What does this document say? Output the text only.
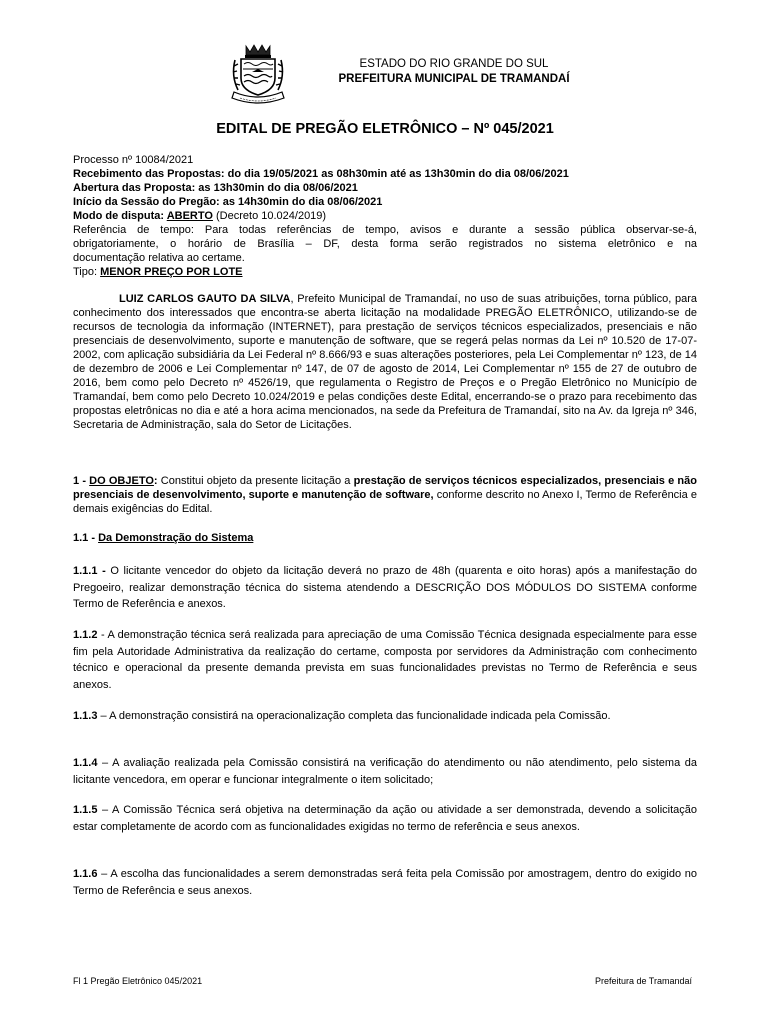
ESTADO DO RIO GRANDE DO SUL
PREFEITURA MUNICIPAL DE TRAMANDAÍ
EDITAL DE PREGÃO ELETRÔNICO – Nº 045/2021
Processo nº 10084/2021
Recebimento das Propostas: do dia 19/05/2021 as 08h30min até as 13h30min do dia 08/06/2021
Abertura das Proposta: as 13h30min do dia 08/06/2021
Início da Sessão do Pregão: as 14h30min do dia 08/06/2021
Modo de disputa: ABERTO (Decreto 10.024/2019)
Referência de tempo: Para todas referências de tempo, avisos e durante a sessão pública observar-se-á,
obrigatoriamente, o horário de Brasília – DF, desta forma serão registrados no sistema eletrônico e na
documentação relativa ao certame.
Tipo: MENOR PREÇO POR LOTE
LUIZ CARLOS GAUTO DA SILVA, Prefeito Municipal de Tramandaí, no uso de suas atribuições, torna público, para conhecimento dos interessados que encontra-se aberta licitação na modalidade PREGÃO ELETRÔNICO, utilizando-se de recursos de tecnologia da informação (INTERNET), para prestação de serviços técnicos especializados, presenciais e não presenciais de desenvolvimento, suporte e manutenção de software, que se regerá pelas normas da Lei nº 10.520 de 17-07-2002, com aplicação subsidiária da Lei Federal nº 8.666/93 e suas alterações posteriores, pela Lei Complementar nº 123, de 14 de dezembro de 2006 e Lei Complementar nº 147, de 07 de agosto de 2014, Lei Complementar nº 155 de 27 de outubro de 2016, bem como pelo Decreto nº 4526/19, que regulamenta o Registro de Preços e o Pregão Eletrônico no Município de Tramandaí, bem como pelo Decreto 10.024/2019 e pelas condições deste Edital, encerrando-se o prazo para recebimento das propostas eletrônicas no dia e até a hora acima mencionados, na sede da Prefeitura de Tramandaí, sito na Av. da Igreja nº 346, Secretaria de Administração, sala do Setor de Licitações.
1 - DO OBJETO: Constitui objeto da presente licitação a prestação de serviços técnicos especializados, presenciais e não presenciais de desenvolvimento, suporte e manutenção de software, conforme descrito no Anexo I, Termo de Referência e demais exigências do Edital.
1.1 - Da Demonstração do Sistema
1.1.1 - O licitante vencedor do objeto da licitação deverá no prazo de 48h (quarenta e oito horas) após a manifestação do Pregoeiro, realizar demonstração técnica do sistema atendendo a DESCRIÇÃO DOS MÓDULOS DO SISTEMA conforme Termo de Referência e anexos.
1.1.2 - A demonstração técnica será realizada para apreciação de uma Comissão Técnica designada especialmente para esse fim pela Autoridade Administrativa da realização do certame, composta por servidores da Administração com conhecimento técnico e operacional da presente demanda prevista em suas funcionalidades previstas no Termo de Referência e seus anexos.
1.1.3 – A demonstração consistirá na operacionalização completa das funcionalidade indicada pela Comissão.
1.1.4 – A avaliação realizada pela Comissão consistirá na verificação do atendimento ou não atendimento, pelo sistema da licitante vencedora, em operar e funcionar integralmente o item solicitado;
1.1.5 – A Comissão Técnica será objetiva na determinação da ação ou atividade a ser demonstrada, devendo a solicitação estar completamente de acordo com as funcionalidades exigidas no termo de referência e seus anexos.
1.1.6 – A escolha das funcionalidades a serem demonstradas será feita pela Comissão por amostragem, dentro do exigido no Termo de Referência e seus anexos.
Fl 1 Pregão Eletrônico 045/2021	Prefeitura de Tramandaí
